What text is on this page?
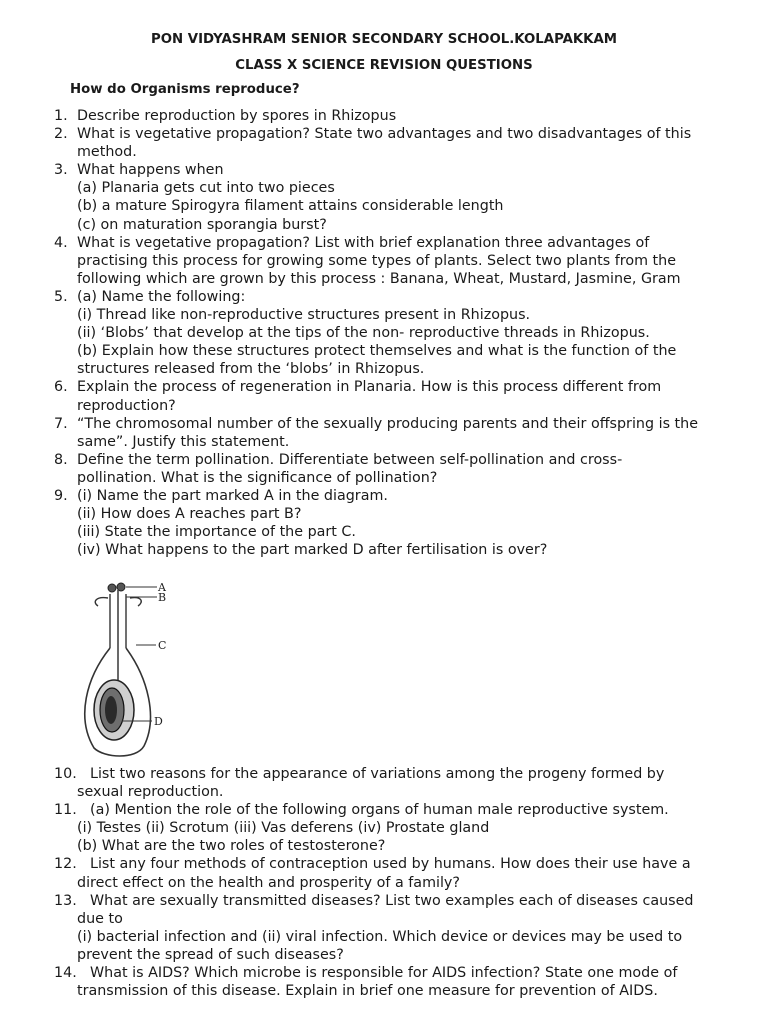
PON VIDYASHRAM SENIOR SECONDARY SCHOOL.KOLAPAKKAM
CLASS X SCIENCE REVISION QUESTIONS
How do Organisms reproduce?
1. Describe reproduction by spores in Rhizopus
2. What is vegetative propagation? State two advantages and two disadvantages of this
method.
3. What happens when
(a) Planaria gets cut into two pieces
(b) a mature Spirogyra filament attains considerable length
(c) on maturation sporangia burst?
4. What is vegetative propagation? List with brief explanation three advantages of
practising this process for growing some types of plants. Select two plants from the
following which are grown by this process : Banana, Wheat, Mustard, Jasmine, Gram
5. (a) Name the following:
(i) Thread like non-reproductive structures present in Rhizopus.
(ii) ‘Blobs’ that develop at the tips of the non- reproductive threads in Rhizopus.
(b) Explain how these structures protect themselves and what is the function of the
structures released from the ‘blobs’ in Rhizopus.
6. Explain the process of regeneration in Planaria. How is this process different from
reproduction?
7. “The chromosomal number of the sexually producing parents and their offspring is the
same”. Justify this statement.
8. Define the term pollination. Differentiate between self-pollination and cross-
pollination. What is the significance of pollination?
9. (i) Name the part marked A in the diagram.
(ii) How does A reaches part B?
(iii) State the importance of the part C.
(iv) What happens to the part marked D after fertilisation is over?
A
B
C
D
10. List two reasons for the appearance of variations among the progeny formed by
sexual reproduction.
11. (a) Mention the role of the following organs of human male reproductive system.
(i) Testes (ii) Scrotum (iii) Vas deferens (iv) Prostate gland
(b) What are the two roles of testosterone?
12. List any four methods of contraception used by humans. How does their use have a
direct effect on the health and prosperity of a family?
13. What are sexually transmitted diseases? List two examples each of diseases caused
due to
(i) bacterial infection and (ii) viral infection. Which device or devices may be used to
prevent the spread of such diseases?
14. What is AIDS? Which microbe is responsible for AIDS infection? State one mode of
transmission of this disease. Explain in brief one measure for prevention of AIDS.
